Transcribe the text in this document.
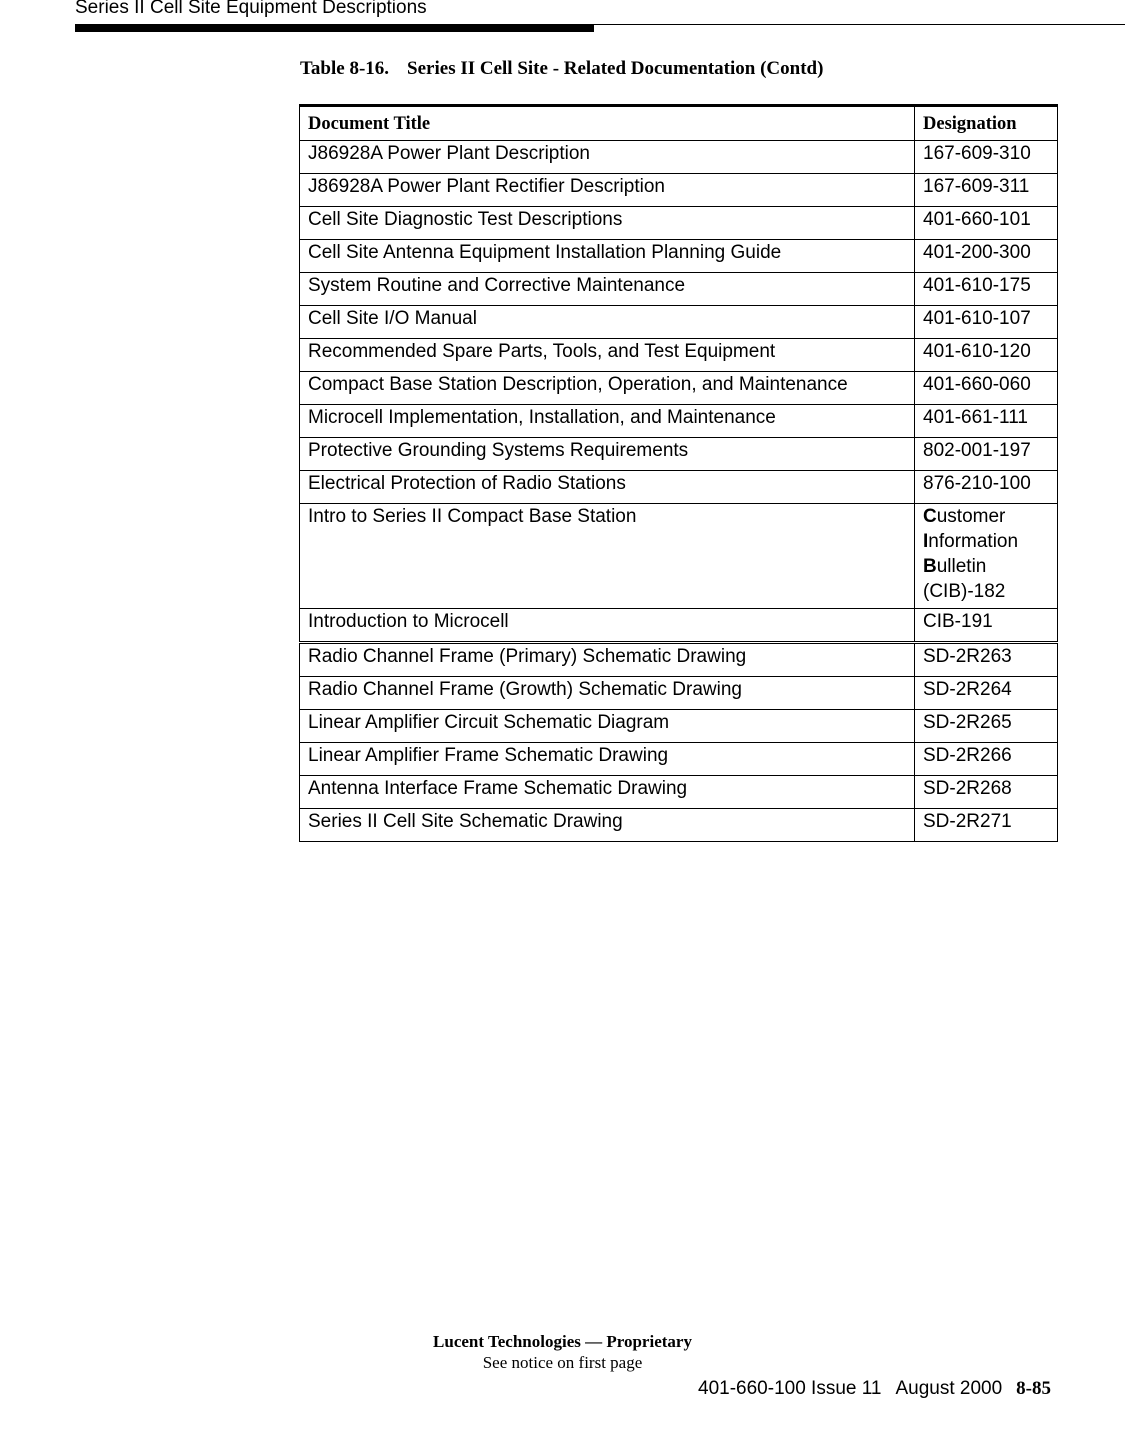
Series II Cell Site Equipment Descriptions
Table 8-16. Series II Cell Site - Related Documentation (Contd)
Document Title	Designation
J86928A Power Plant Description	167-609-310
J86928A Power Plant Rectifier Description	167-609-311
Cell Site Diagnostic Test Descriptions	401-660-101
Cell Site Antenna Equipment Installation Planning Guide	401-200-300
System Routine and Corrective Maintenance	401-610-175
Cell Site I/O Manual	401-610-107
Recommended Spare Parts, Tools, and Test Equipment	401-610-120
Compact Base Station Description, Operation, and Maintenance	401-660-060
Microcell Implementation, Installation, and Maintenance	401-661-111
Protective Grounding Systems Requirements	802-001-197
Electrical Protection of Radio Stations	876-210-100
Intro to Series II Compact Base Station	Customer
Information
Bulletin
(CIB)-182

Introduction to Microcell	CIB-191
Radio Channel Frame (Primary) Schematic Drawing	SD-2R263
Radio Channel Frame (Growth) Schematic Drawing	SD-2R264
Linear Amplifier Circuit Schematic Diagram	SD-2R265
Linear Amplifier Frame Schematic Drawing	SD-2R266
Antenna Interface Frame Schematic Drawing	SD-2R268
Series II Cell Site Schematic Drawing	SD-2R271
Lucent Technologies — Proprietary
See notice on first page
401-660-100 Issue 11 August 2000 8-85
